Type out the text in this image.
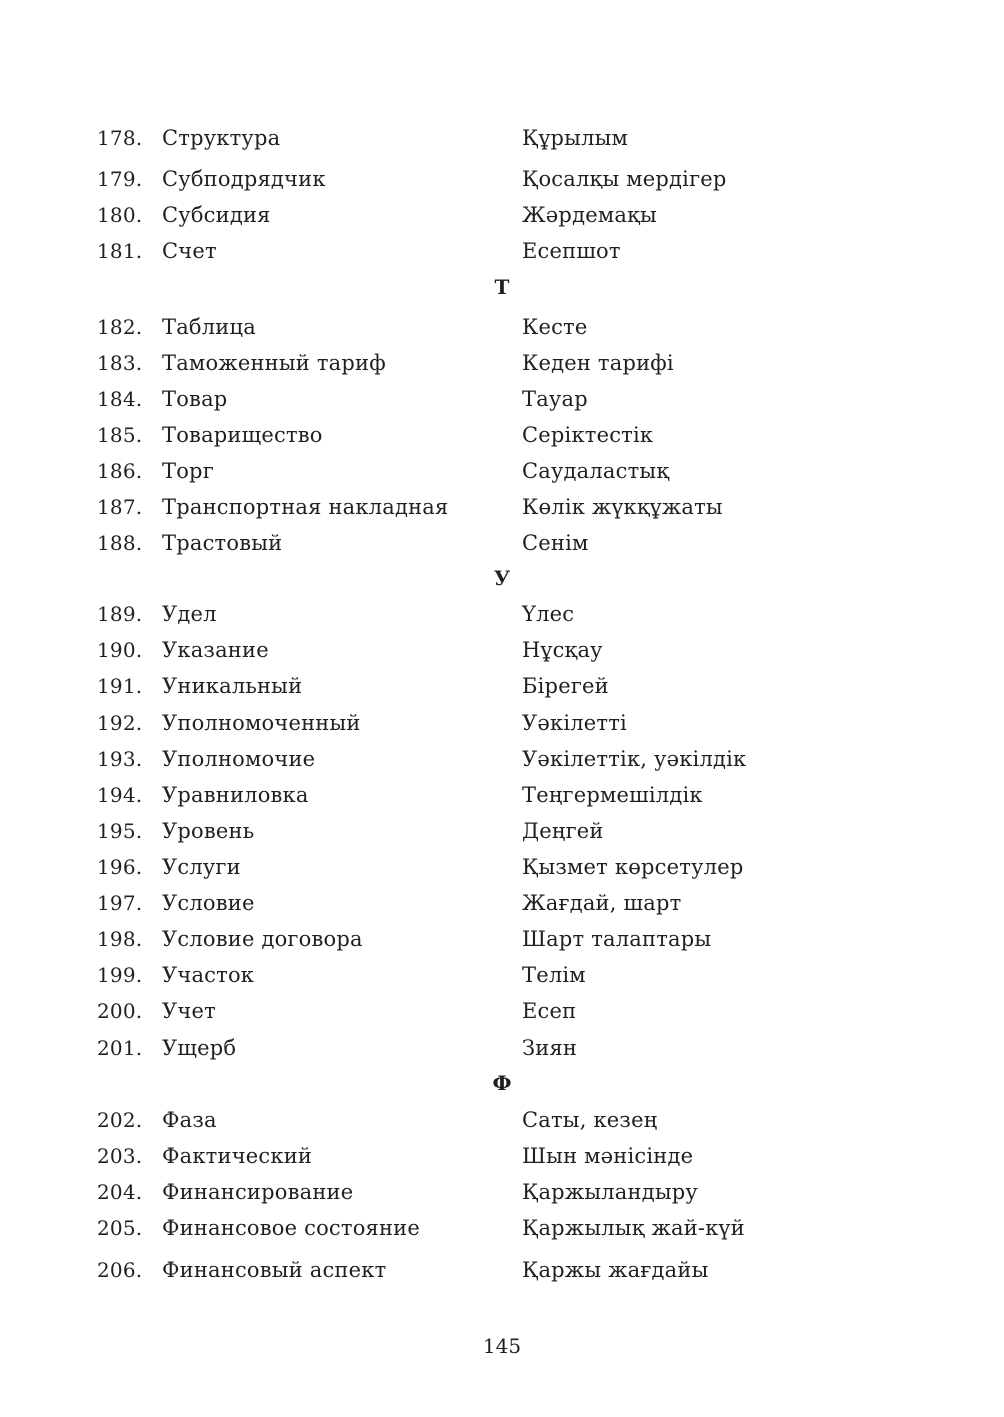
178. Структура	Құрылым
179. Субподрядчик	Қосалқы мердігер
180. Субсидия	Жәрдемақы
181. Счет	Есепшот
Т
182. Таблица	Кесте
183. Таможенный тариф	Кеден тарифі
184. Товар	Тауар
185. Товарищество	Серіктестік
186. Торг	Саудаластық
187. Транспортная накладная	Көлік жүкқұжаты
188. Трастовый	Сенім
У
189. Удел	Үлес
190. Указание	Нұсқау
191. Уникальный	Бірегей
192. Уполномоченный	Уәкілетті
193. Уполномочие	Уәкілеттік, уәкілдік
194. Уравниловка	Теңгермешілдік
195. Уровень	Деңгей
196. Услуги	Қызмет көрсетулер
197. Условие	Жағдай, шарт
198. Условие договора	Шарт талаптары
199. Участок	Телім
200. Учет	Есеп
201. Ущерб	Зиян
Ф
202. Фаза	Саты, кезең
203. Фактический	Шын мәнісінде
204. Финансирование	Қаржыландыру
205. Финансовое состояние	Қаржылық жай-күй
206. Финансовый аспект	Қаржы жағдайы
145
